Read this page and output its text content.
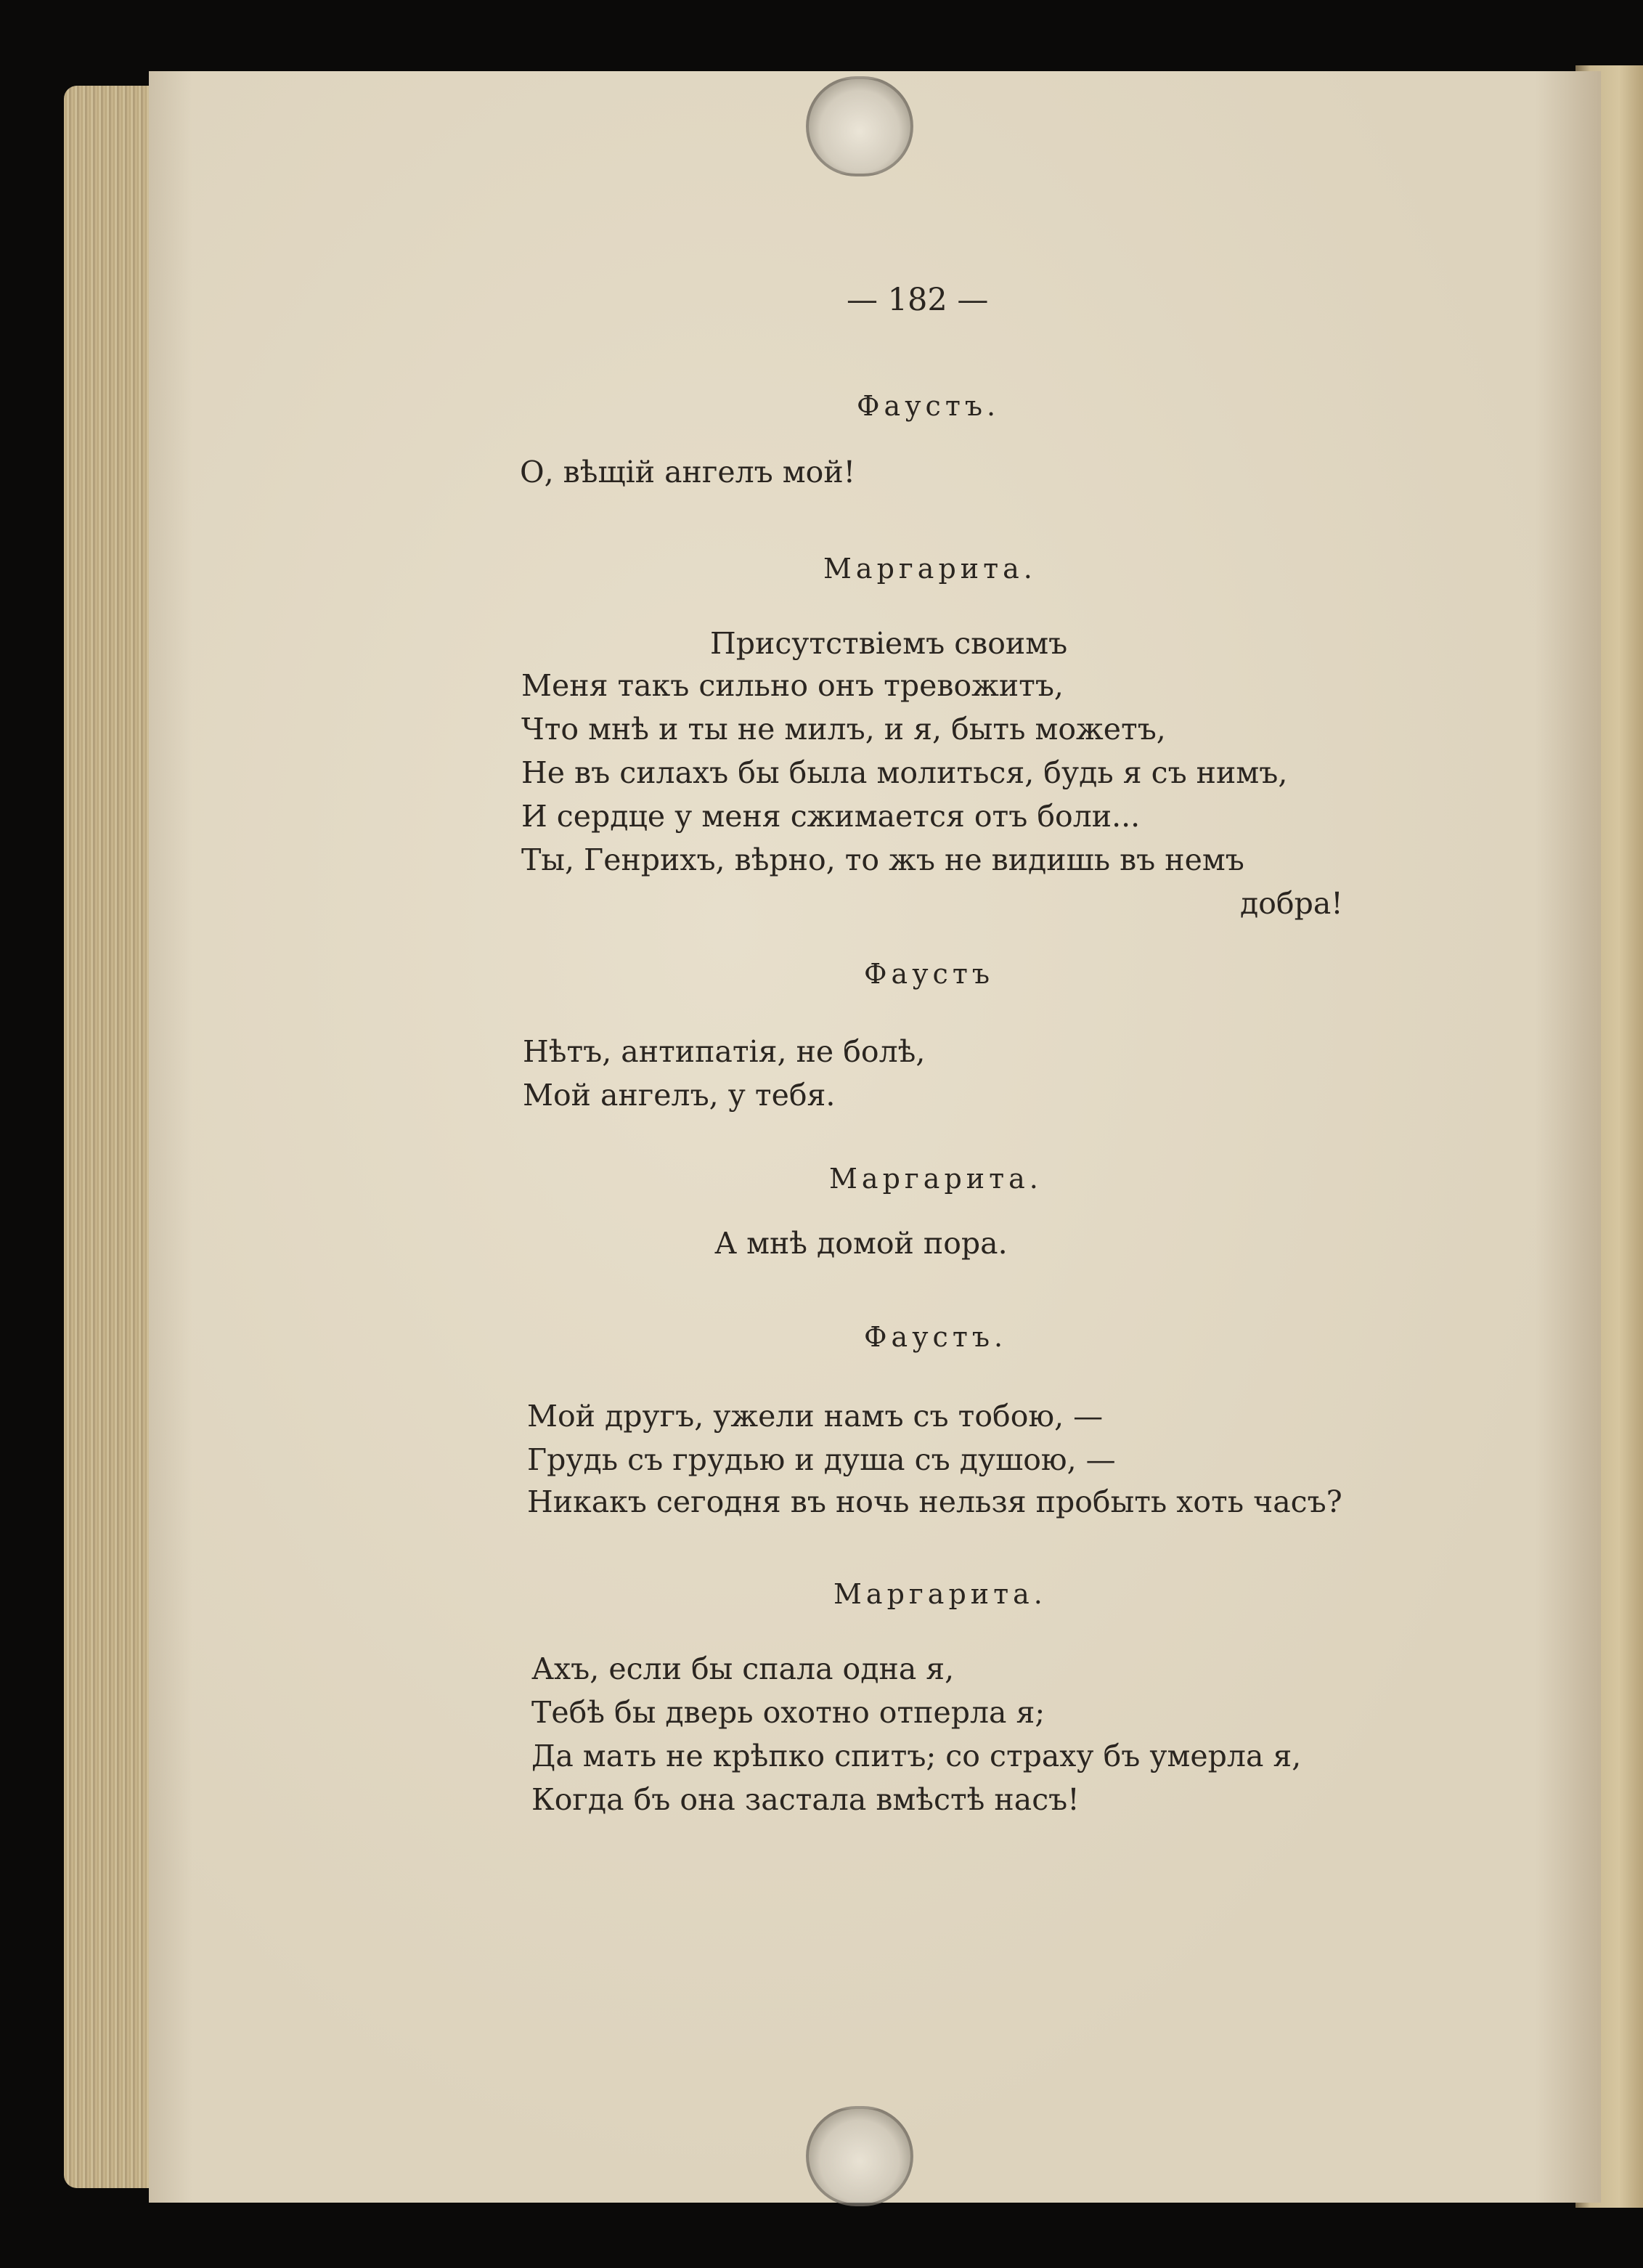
— 182 —
Фаустъ.
О, вѣщій ангелъ мой!
Маргарита.
Присутствіемъ своимъ
Меня такъ сильно онъ тревожитъ,
Что мнѣ и ты не милъ, и я, быть можетъ,
Не въ силахъ бы была молиться, будь я съ нимъ,
И сердце у меня сжимается отъ боли...
Ты, Генрихъ, вѣрно, то жъ не видишь въ немъ
добра!
Фаустъ
Нѣтъ, антипатія, не болѣ,
Мой ангелъ, у тебя.
Маргарита.
А мнѣ домой пора.
Фаустъ.
Мой другъ, ужели намъ съ тобою, —
Грудь съ грудью и душа съ душою, —
Никакъ сегодня въ ночь нельзя пробыть хоть часъ?
Маргарита.
Ахъ, если бы спала одна я,
Тебѣ бы дверь охотно отперла я;
Да мать не крѣпко спитъ; со страху бъ умерла я,
Когда бъ она застала вмѣстѣ насъ!
